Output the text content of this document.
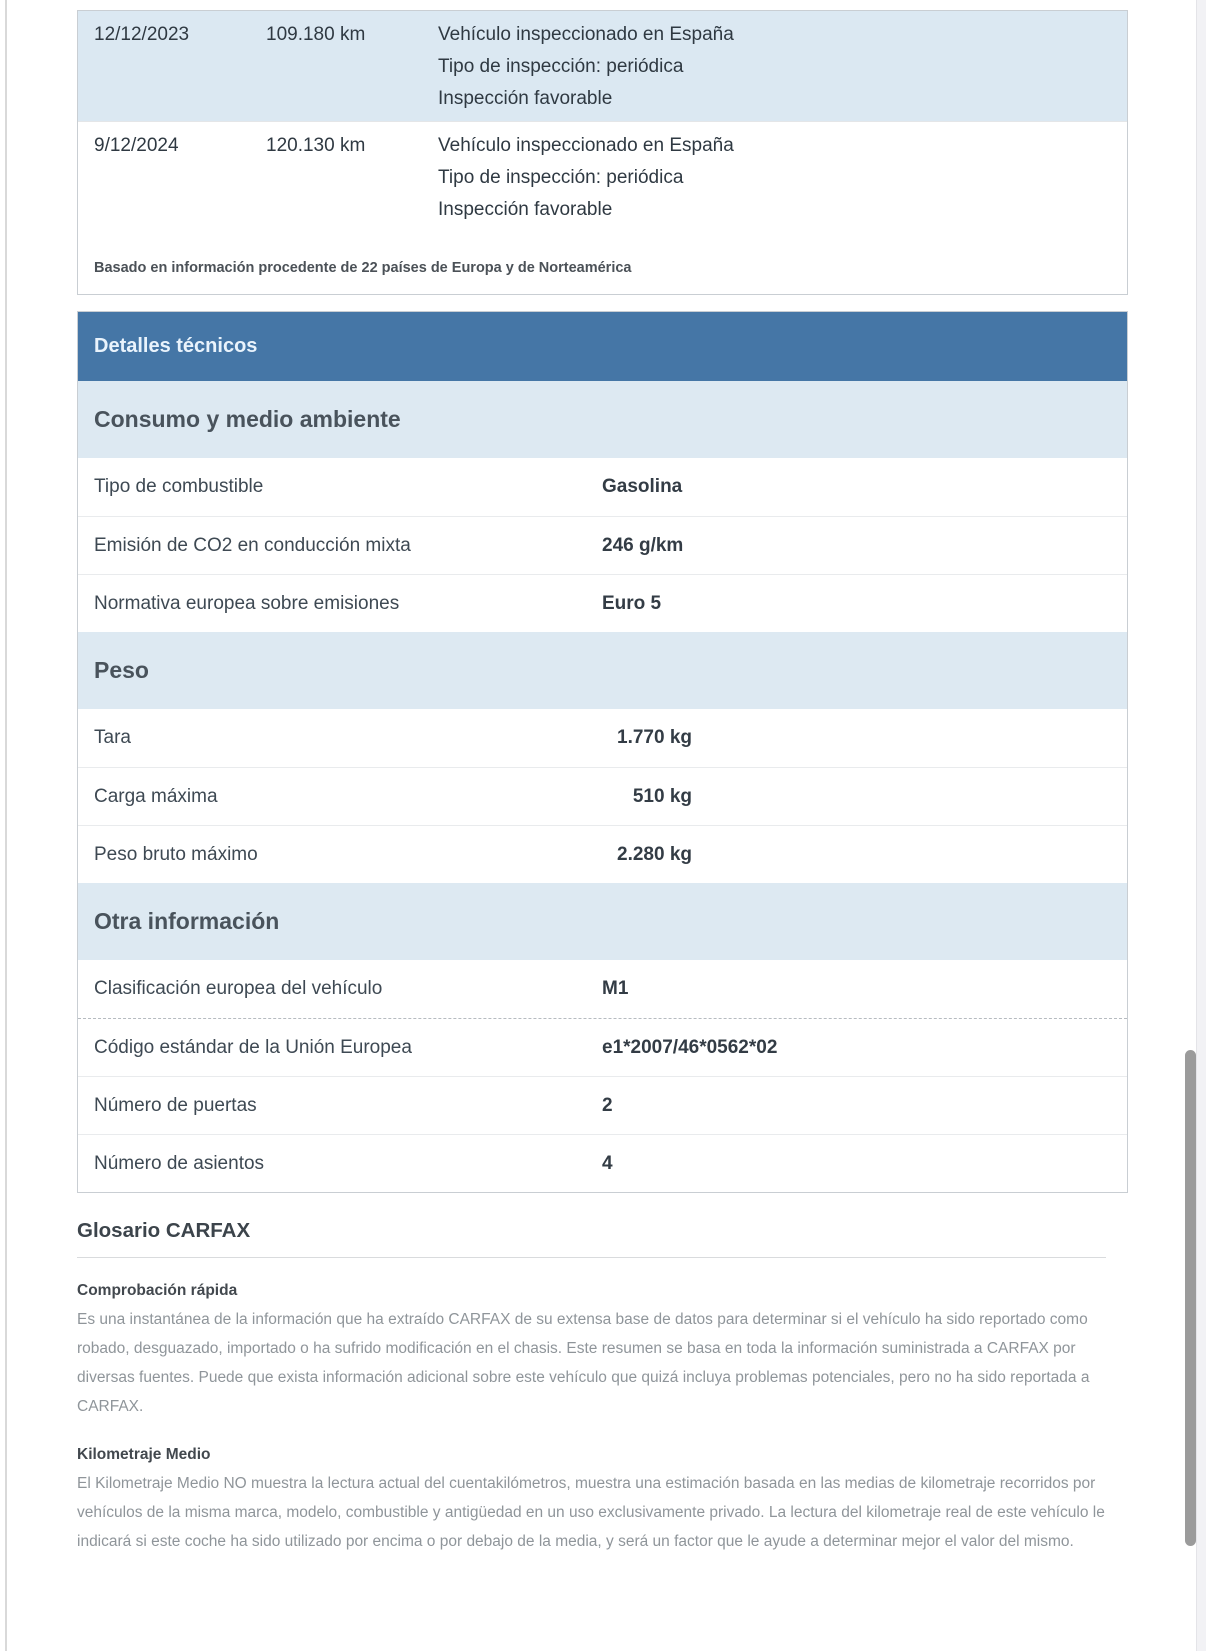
12/12/2023	109.180 km	Vehículo inspeccionado en España
Tipo de inspección: periódica
Inspección favorable
9/12/2024	120.130 km	Vehículo inspeccionado en España
Tipo de inspección: periódica
Inspección favorable
Basado en información procedente de 22 países de Europa y de Norteamérica
Detalles técnicos
Consumo y medio ambiente
Tipo de combustible	Gasolina
Emisión de CO2 en conducción mixta	246 g/km
Normativa europea sobre emisiones	Euro 5
Peso
Tara	1.770 kg
Carga máxima	510 kg
Peso bruto máximo	2.280 kg
Otra información
Clasificación europea del vehículo	M1
Código estándar de la Unión Europea	e1*2007/46*0562*02
Número de puertas	2
Número de asientos	4
Glosario CARFAX
Comprobación rápida
Es una instantánea de la información que ha extraído CARFAX de su extensa base de datos para determinar si el vehículo ha sido reportado como robado, desguazado, importado o ha sufrido modificación en el chasis. Este resumen se basa en toda la información suministrada a CARFAX por diversas fuentes. Puede que exista información adicional sobre este vehículo que quizá incluya problemas potenciales, pero no ha sido reportada a CARFAX.
Kilometraje Medio
El Kilometraje Medio NO muestra la lectura actual del cuentakilómetros, muestra una estimación basada en las medias de kilometraje recorridos por vehículos de la misma marca, modelo, combustible y antigüedad en un uso exclusivamente privado. La lectura del kilometraje real de este vehículo le indicará si este coche ha sido utilizado por encima o por debajo de la media, y será un factor que le ayude a determinar mejor el valor del mismo.
